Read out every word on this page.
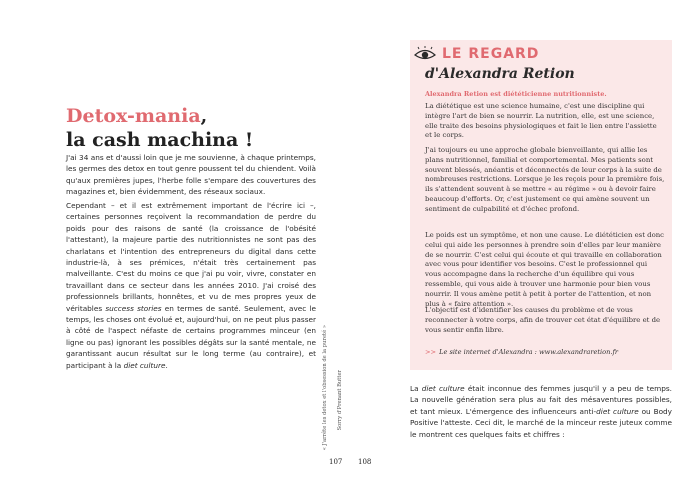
Detox-mania,
la cash machina !

J'ai 34 ans et d'aussi loin que je me souvienne, à chaque printemps, les germes des detox en tout genre poussent tel du chiendent. Voilà qu'aux premières jupes, l'herbe folle s'empare des couvertures des magazines et, bien évidemment, des réseaux sociaux.

Cependant – et il est extrêmement important de l'écrire ici –, certaines personnes reçoivent la recommandation de perdre du poids pour des raisons de santé (la croissance de l'obésité l'attestant), la majeure partie des nutritionnistes ne sont pas des charlatans et l'intention des entrepreneurs du digital dans cette industrie-là, à ses prémices, n'était très certainement pas malveillante. C'est du moins ce que j'ai pu voir, vivre, constater en travaillant dans ce secteur dans les années 2010. J'ai croisé des professionnels brillants, honnêtes, et vu de mes propres yeux de véritables success stories en termes de santé. Seulement, avec le temps, les choses ont évolué et, aujourd'hui, on ne peut plus passer à côté de l'aspect néfaste de certains programmes minceur (en ligne ou pas) ignorant les possibles dégâts sur la santé mentale, ne garantissant aucun résultat sur le long terme (au contraire), et participant à la diet culture.	« J'arrête les detox et l'obsession de la pureté »
107
LE REGARD
d'Alexandra Retion

Alexandra Retion est diététicienne nutritionniste.

La diététique est une science humaine, c'est une discipline qui intègre l'art de bien se nourrir. La nutrition, elle, est une science, elle traite des besoins physiologiques et fait le lien entre l'assiette et le corps.

J'ai toujours eu une approche globale bienveillante, qui allie les plans nutritionnel, familial et comportemental. Mes patients sont souvent blessés, anéantis et déconnectés de leur corps à la suite de nombreuses restrictions. Lorsque je les reçois pour la première fois, ils s'attendent souvent à se mettre « au régime » ou à devoir faire beaucoup d'efforts. Or, c'est justement ce qui amène souvent un sentiment de culpabilité et d'échec profond.

Le poids est un symptôme, et non une cause. Le diététicien est donc celui qui aide les personnes à prendre soin d'elles par leur manière de se nourrir. C'est celui qui écoute et qui travaille en collaboration avec vous pour identifier vos besoins. C'est le professionnel qui vous accompagne dans la recherche d'un équilibre qui vous ressemble, qui vous aide à trouver une harmonie pour bien vous nourrir. Il vous amène petit à petit à porter de l'attention, et non plus à « faire attention ».

L'objectif est d'identifier les causes du problème et de vous reconnecter à votre corps, afin de trouver cet état d'équilibre et de vous sentir enfin libre.

>> Le site internet d'Alexandra : www.alexandraretion.fr

La diet culture était inconnue des femmes jusqu'il y a peu de temps. La nouvelle génération sera plus au fait des mésaventures possibles, et tant mieux. L'émergence des influenceurs anti-diet culture ou Body Positive l'atteste. Ceci dit, le marché de la minceur reste juteux comme le montrent ces quelques faits et chiffres :

Sorry d'Prenant Butter
108
